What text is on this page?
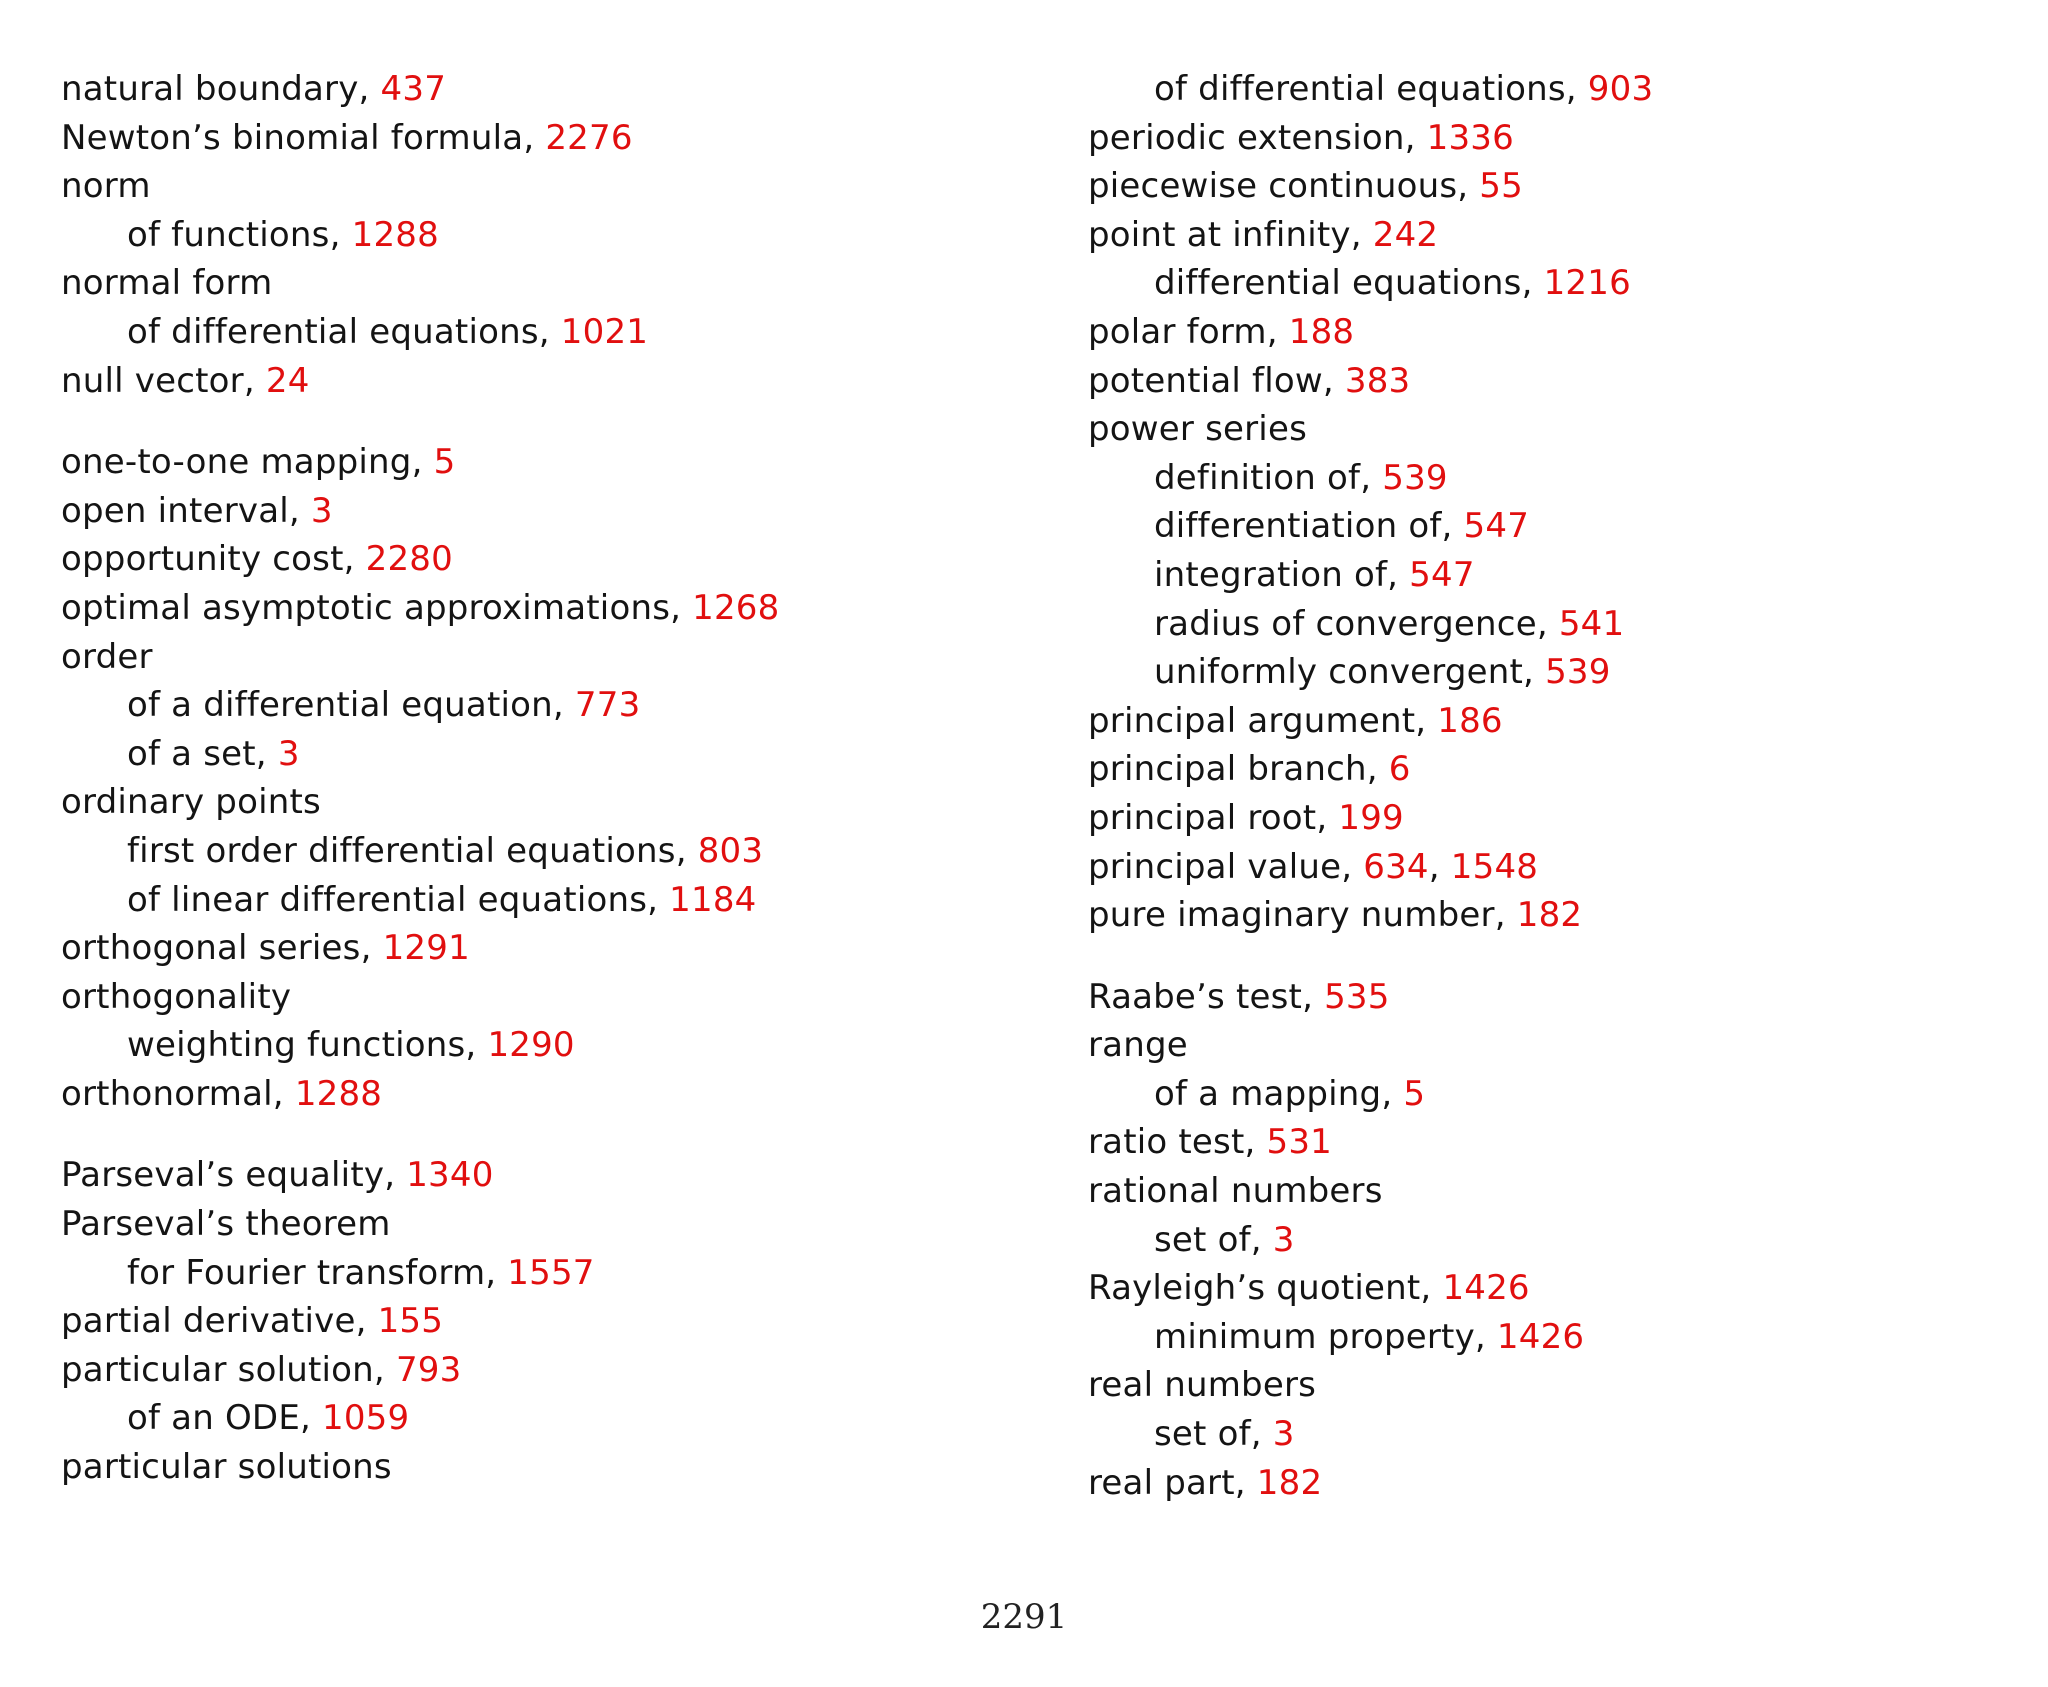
natural boundary, 437
Newton’s binomial formula, 2276
norm
of functions, 1288
normal form
of differential equations, 1021
null vector, 24
one-to-one mapping, 5
open interval, 3
opportunity cost, 2280
optimal asymptotic approximations, 1268
order
of a differential equation, 773
of a set, 3
ordinary points
first order differential equations, 803
of linear differential equations, 1184
orthogonal series, 1291
orthogonality
weighting functions, 1290
orthonormal, 1288
Parseval’s equality, 1340
Parseval’s theorem
for Fourier transform, 1557
partial derivative, 155
particular solution, 793
of an ODE, 1059
particular solutions
of differential equations, 903
periodic extension, 1336
piecewise continuous, 55
point at infinity, 242
differential equations, 1216
polar form, 188
potential flow, 383
power series
definition of, 539
differentiation of, 547
integration of, 547
radius of convergence, 541
uniformly convergent, 539
principal argument, 186
principal branch, 6
principal root, 199
principal value, 634, 1548
pure imaginary number, 182
Raabe’s test, 535
range
of a mapping, 5
ratio test, 531
rational numbers
set of, 3
Rayleigh’s quotient, 1426
minimum property, 1426
real numbers
set of, 3
real part, 182
2291
